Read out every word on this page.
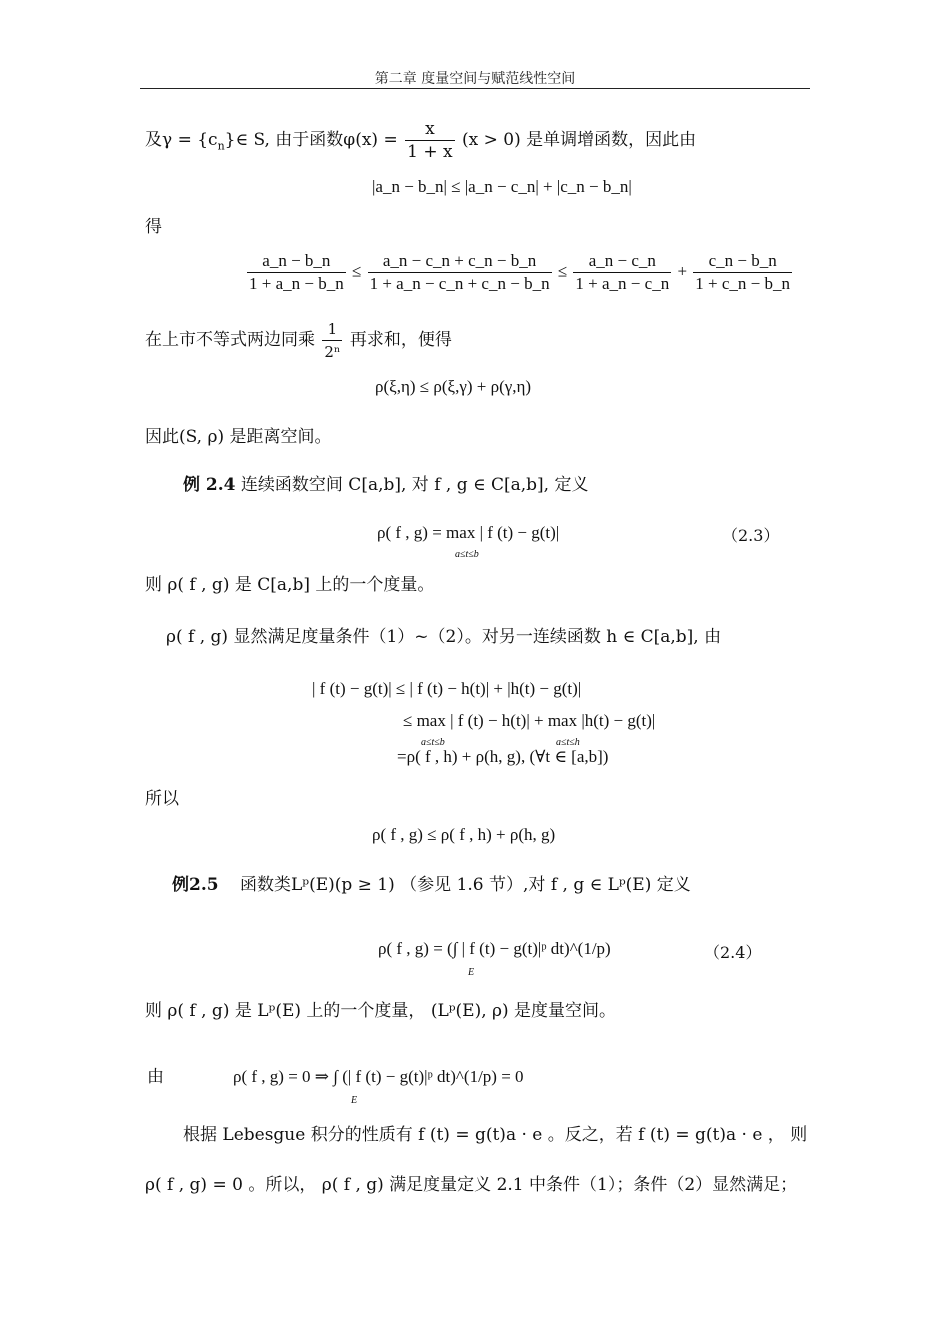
第二章 度量空间与赋范线性空间
及$\gamma = \{c_n\}\in$ S, 由于函数$\varphi(x) = \frac{x}{1 + x} (x > 0)$ 是单调增函数，因此由
|a_n − b_n| ≤ |a_n − c_n| + |c_n − b_n|
得
$\frac{a\_n - b\_n}{1 + a\_n - b\_n} \le \frac{a\_n - c\_n + c\_n - b\_n}{1 + a\_n - c\_n + c\_n - b\_n} \le \frac{a\_n - c\_n}{1 + a\_n - c\_n} + \frac{c\_n - b\_n}{1 + c\_n - b\_n}$
在上市不等式两边同乘 $\frac{1}{\text{2ⁿ}}$ 再求和，便得
ρ(ξ,η) ≤ ρ(ξ,γ) + ρ(γ,η)
因此(S, ρ) 是距离空间。
例 2.4 连续函数空间 C[a,b], 对 f , g ∈ C[a,b], 定义
ρ( f , g) = max | f (t) − g(t)|
a≤t≤b
（2.3）
则 ρ( f , g) 是 C[a,b] 上的一个度量。
ρ( f , g) 显然满足度量条件（1）~（2）。对另一连续函数 h ∈ C[a,b], 由
| f (t) − g(t)| ≤ | f (t) − h(t)| + |h(t) − g(t)|
≤ max | f (t) − h(t)| + max |h(t) − g(t)|
a≤t≤b	a≤t≤h
=ρ( f , h) + ρ(h, g), (∀t ∈ [a,b])
所以
ρ( f , g) ≤ ρ( f , h) + ρ(h, g)
例2.5 函数类Lᵖ(E)(p ≥ 1) （参见 1.6 节）,对 f , g ∈ Lᵖ(E) 定义
ρ( f , g) = (∫ | f (t) − g(t)|ᵖ dt)^(1/p)
E
（2.4）
则 ρ( f , g) 是 Lᵖ(E) 上的一个度量， (Lᵖ(E), ρ) 是度量空间。
由	ρ( f , g) = 0 ⇒ ∫ (| f (t) − g(t)|ᵖ dt)^(1/p) = 0
E
根据 Lebesgue 积分的性质有 f (t) = g(t)a · e 。反之，若 f (t) = g(t)a · e ， 则
ρ( f , g) = 0 。所以， ρ( f , g) 满足度量定义 2.1 中条件（1）；条件（2）显然满足；
